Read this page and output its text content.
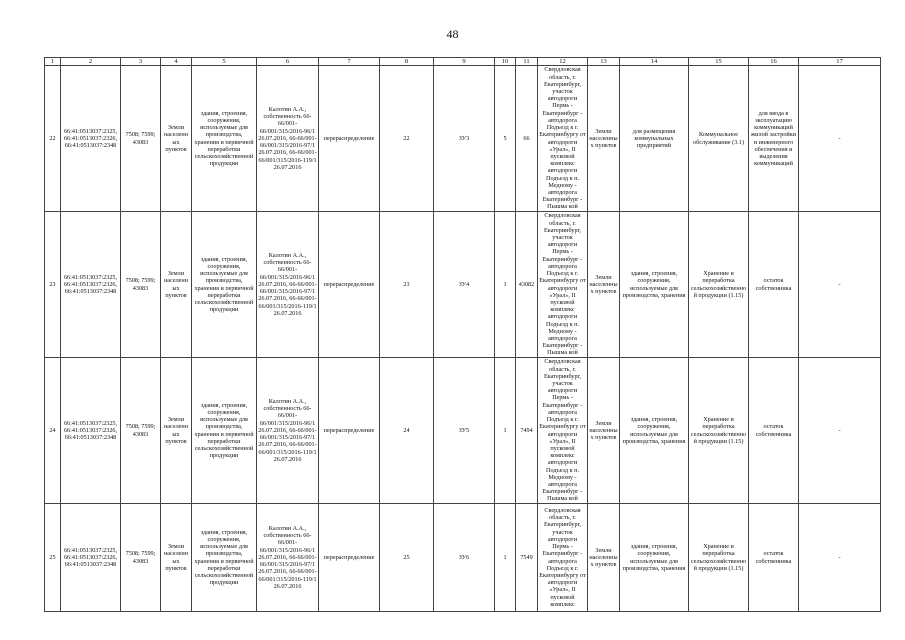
48
1	2	3	4	5	6	7	8	9	10	11	12	13	14	15	16	17

22	66:41:0513037:2325, 66:41:0513037:2326, 66:41:0513037:2348	7508; 7599; 43083	Земли населенных пунктов	здания, строения, сооружения, используемые для производства, хранения и первичной переработки сельскохозяйственной продукции	Калотин А.А., собственность 66-66/001-66/001/315/2016-96/1 26.07.2016, 66-66/001-66/001/315/2016-97/1 26.07.2016, 66-66/001-66/001/315/2016-119/1 26.07.2016	перераспределение	22	ЗУ3	5	66	Свердловская область, г. Екатеринбург, участок автодороги Пермь - Екатеринбург - автодорога Подъезд к г. Екатеринбургу от автодороги «Урал», II пусковой комплекс автодороги Подъезд к п. Медному - автодорога Екатеринбург - Пышма кой	Земли населенных пунктов	для размещения коммунальных предприятий	Коммунальное обслуживание (3.1)	для ввода в эксплуатацию коммуникаций жилой застройки и инженерного обеспечения и выделения коммуникаций	-

23	66:41:0513037:2325, 66:41:0513037:2326, 66:41:0513037:2348	7508; 7599; 43083	Земли населенных пунктов	здания, строения, сооружения, используемые для производства, хранения и первичной переработки сельскохозяйственной продукции	Калотин А.А., собственность 66-66/001-66/001/315/2016-96/1 26.07.2016, 66-66/001-66/001/315/2016-97/1 26.07.2016, 66-66/001-66/001/315/2016-119/1 26.07.2016	перераспределение	23	ЗУ4	1	43082	Свердловская область, г. Екатеринбург, участок автодороги Пермь - Екатеринбург - автодорога Подъезд к г. Екатеринбургу от автодороги «Урал», II пусковой комплекс автодороги Подъезд к п. Медному - автодорога Екатеринбург - Пышма кой	Земли населенных пунктов	здания, строения, сооружения, используемые для производства, хранения	Хранение и переработка сельскохозяйственной продукции (1.15)	остаток собственника	-

24	66:41:0513037:2325, 66:41:0513037:2326, 66:41:0513037:2348	7508; 7599; 43083	Земли населенных пунктов	здания, строения, сооружения, используемые для производства, хранения и первичной переработки сельскохозяйственной продукции	Калотин А.А., собственность 66-66/001-66/001/315/2016-96/1 26.07.2016, 66-66/001-66/001/315/2016-97/1 26.07.2016, 66-66/001-66/001/315/2016-119/1 26.07.2016	перераспределение	24	ЗУ5	1	7494	Свердловская область, г. Екатеринбург, участок автодороги Пермь - Екатеринбург - автодорога Подъезд к г. Екатеринбургу от автодороги «Урал», II пусковой комплекс автодороги Подъезд к п. Медному - автодорога Екатеринбург - Пышма кой	Земли населенных пунктов	здания, строения, сооружения, используемые для производства, хранения	Хранение и переработка сельскохозяйственной продукции (1.15)	остаток собственника	-

25	66:41:0513037:2325, 66:41:0513037:2326, 66:41:0513037:2348	7508; 7599; 43083	Земли населенных пунктов	здания, строения, сооружения, используемые для производства, хранения и первичной переработки сельскохозяйственной продукции	Калотин А.А., собственность 66-66/001-66/001/315/2016-96/1 26.07.2016, 66-66/001-66/001/315/2016-97/1 26.07.2016, 66-66/001-66/001/315/2016-119/1 26.07.2016	перераспределение	25	ЗУ6	1	7549	Свердловская область, г. Екатеринбург, участок автодороги Пермь - Екатеринбург - автодорога Подъезд к г. Екатеринбургу от автодороги «Урал», II пусковой комплекс	Земли населенных пунктов	здания, строения, сооружения, используемые для производства, хранения	Хранение и переработка сельскохозяйственной продукции (1.15)	остаток собственника	-
